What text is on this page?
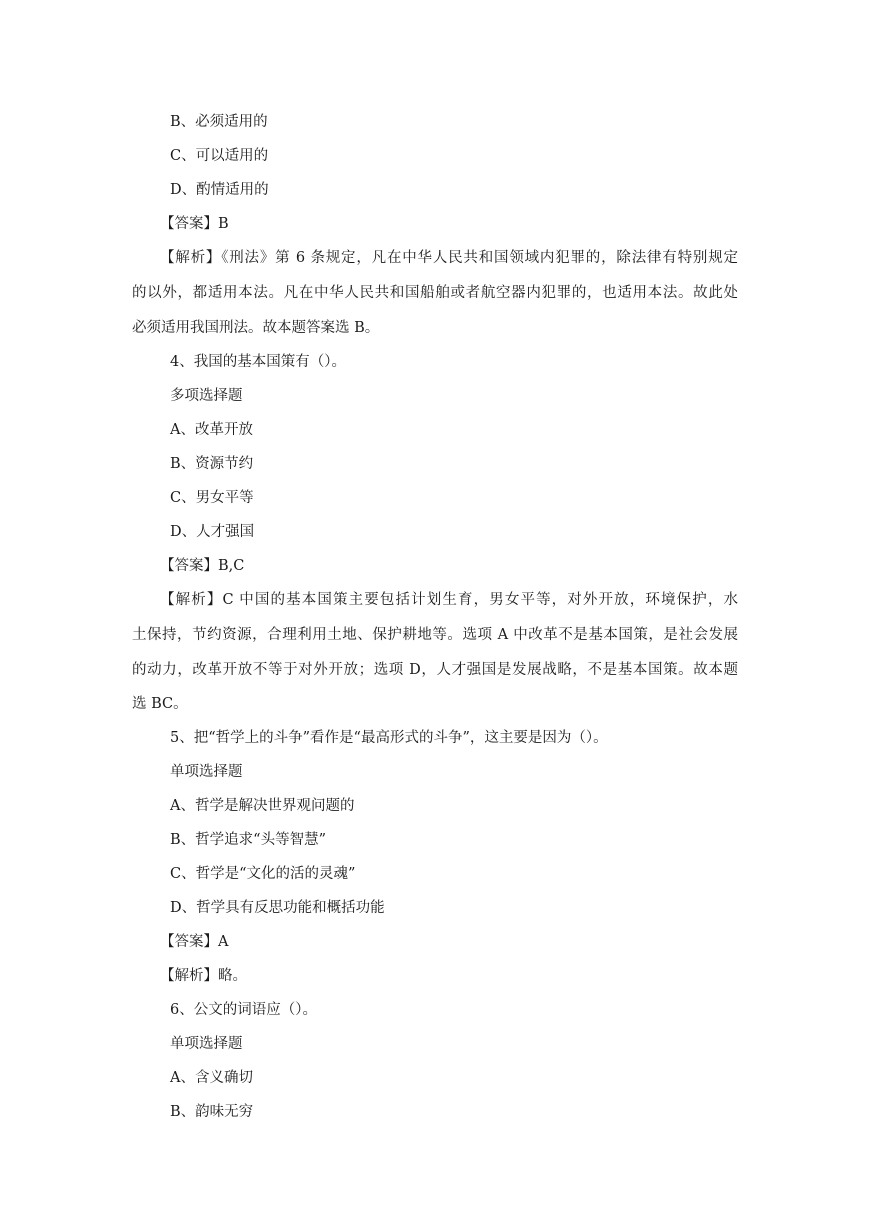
B、必须适用的
C、可以适用的
D、酌情适用的
【答案】B
【解析】《刑法》第 6 条规定，凡在中华人民共和国领域内犯罪的，除法律有特别规定
的以外，都适用本法。凡在中华人民共和国船舶或者航空器内犯罪的，也适用本法。故此处
必须适用我国刑法。故本题答案选 B。
4、我国的基本国策有（）。
多项选择题
A、改革开放
B、资源节约
C、男女平等
D、人才强国
【答案】B,C
【解析】C 中国的基本国策主要包括计划生育，男女平等，对外开放，环境保护，水
土保持，节约资源，合理利用土地、保护耕地等。选项 A 中改革不是基本国策，是社会发展
的动力，改革开放不等于对外开放；选项 D，人才强国是发展战略，不是基本国策。故本题
选 BC。
5、把“哲学上的斗争”看作是“最高形式的斗争”，这主要是因为（）。
单项选择题
A、哲学是解决世界观问题的
B、哲学追求“头等智慧”
C、哲学是“文化的活的灵魂”
D、哲学具有反思功能和概括功能
【答案】A
【解析】略。
6、公文的词语应（）。
单项选择题
A、含义确切
B、韵味无穷
